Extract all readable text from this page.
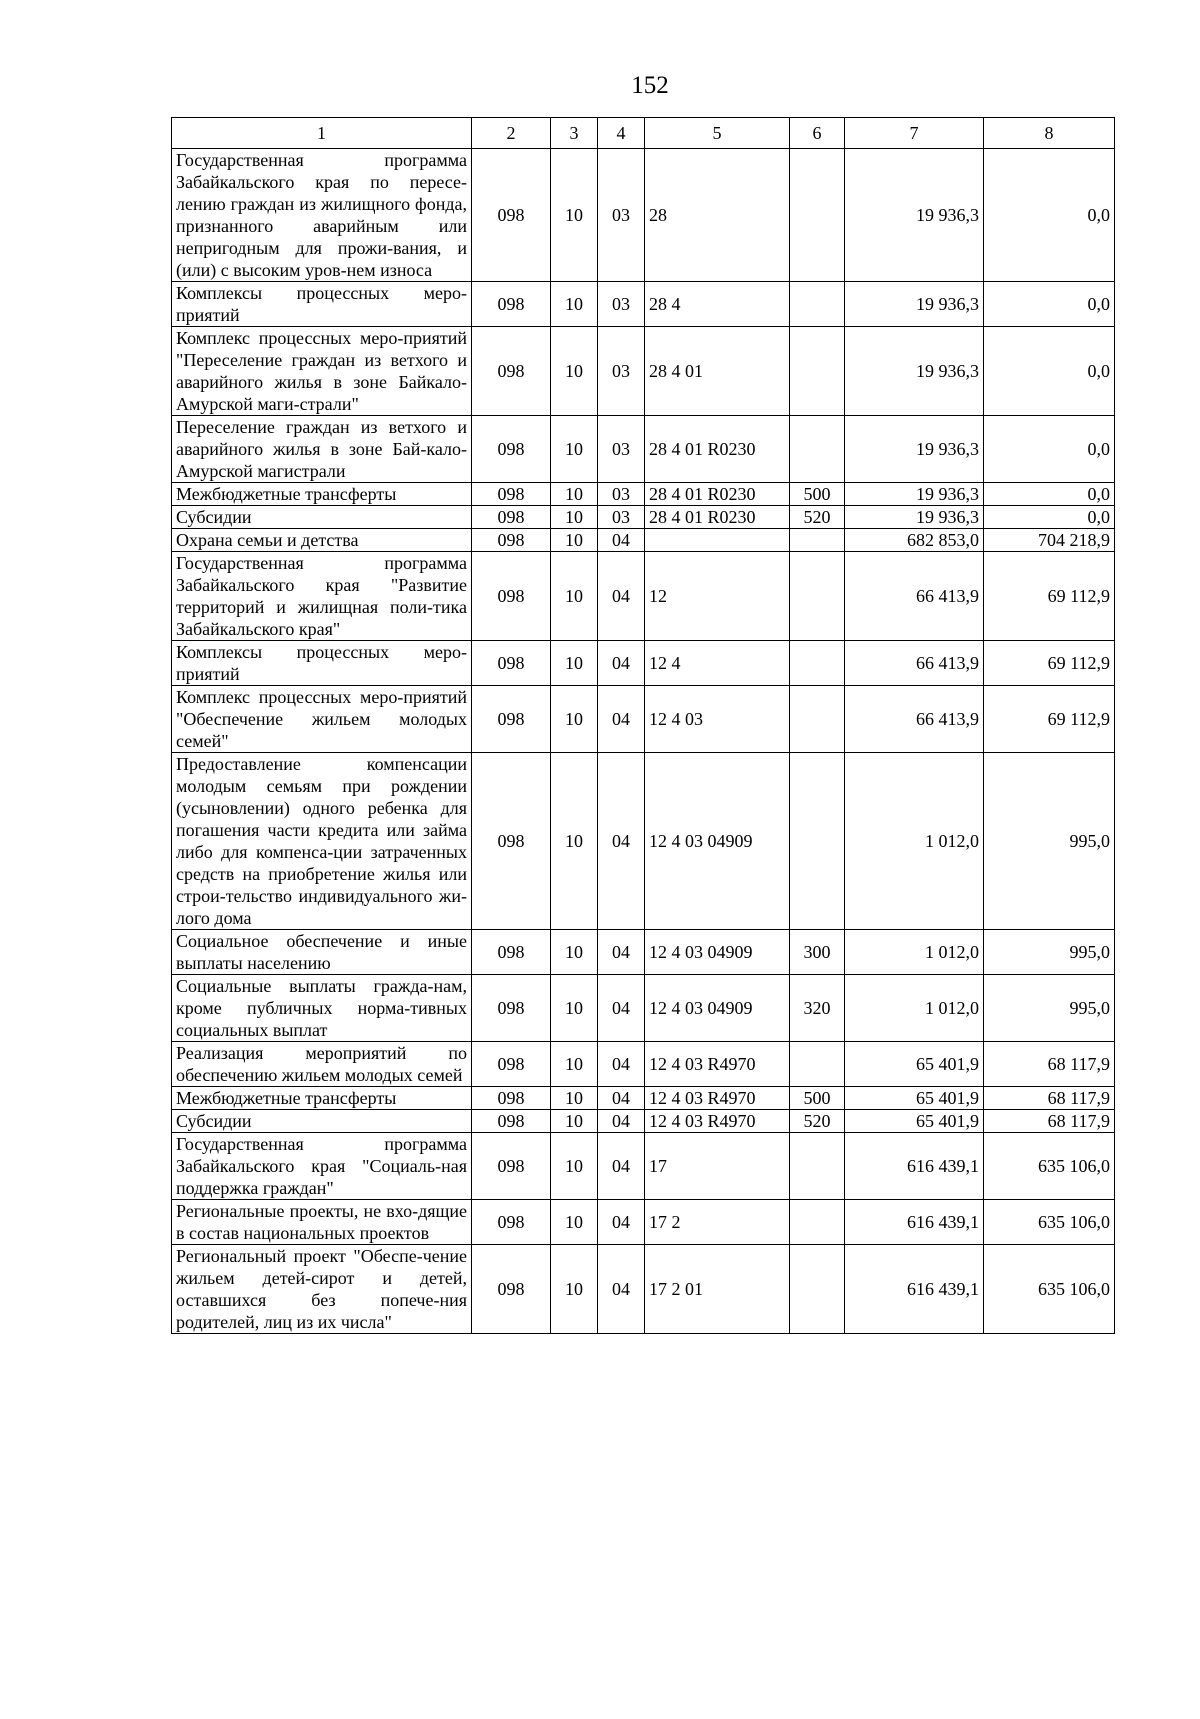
152
1	2	3	4	5	6	7	8
Государственная программа Забайкальского края по пересе-лению граждан из жилищного фонда, признанного аварийным или непригодным для прожи-вания, и (или) с высоким уров-нем износа	098	10	03	28		19 936,3	0,0
Комплексы процессных меро-приятий	098	10	03	28 4		19 936,3	0,0
Комплекс процессных меро-приятий "Переселение граждан из ветхого и аварийного жилья в зоне Байкало-Амурской маги-страли"	098	10	03	28 4 01		19 936,3	0,0
Переселение граждан из ветхого и аварийного жилья в зоне Бай-кало-Амурской магистрали	098	10	03	28 4 01 R0230		19 936,3	0,0
Межбюджетные трансферты	098	10	03	28 4 01 R0230	500	19 936,3	0,0
Субсидии	098	10	03	28 4 01 R0230	520	19 936,3	0,0
Охрана семьи и детства	098	10	04			682 853,0	704 218,9
Государственная программа Забайкальского края "Развитие территорий и жилищная поли-тика Забайкальского края"	098	10	04	12		66 413,9	69 112,9
Комплексы процессных меро-приятий	098	10	04	12 4		66 413,9	69 112,9
Комплекс процессных меро-приятий "Обеспечение жильем молодых семей"	098	10	04	12 4 03		66 413,9	69 112,9
Предоставление компенсации молодым семьям при рождении (усыновлении) одного ребенка для погашения части кредита или займа либо для компенса-ции затраченных средств на приобретение жилья или строи-тельство индивидуального жи-лого дома	098	10	04	12 4 03 04909		1 012,0	995,0
Социальное обеспечение и иные выплаты населению	098	10	04	12 4 03 04909	300	1 012,0	995,0
Социальные выплаты гражда-нам, кроме публичных норма-тивных социальных выплат	098	10	04	12 4 03 04909	320	1 012,0	995,0
Реализация мероприятий по обеспечению жильем молодых семей	098	10	04	12 4 03 R4970		65 401,9	68 117,9
Межбюджетные трансферты	098	10	04	12 4 03 R4970	500	65 401,9	68 117,9
Субсидии	098	10	04	12 4 03 R4970	520	65 401,9	68 117,9
Государственная программа Забайкальского края "Социаль-ная поддержка граждан"	098	10	04	17		616 439,1	635 106,0
Региональные проекты, не вхо-дящие в состав национальных проектов	098	10	04	17 2		616 439,1	635 106,0
Региональный проект "Обеспе-чение жильем детей-сирот и детей, оставшихся без попече-ния родителей, лиц из их числа"	098	10	04	17 2 01		616 439,1	635 106,0
